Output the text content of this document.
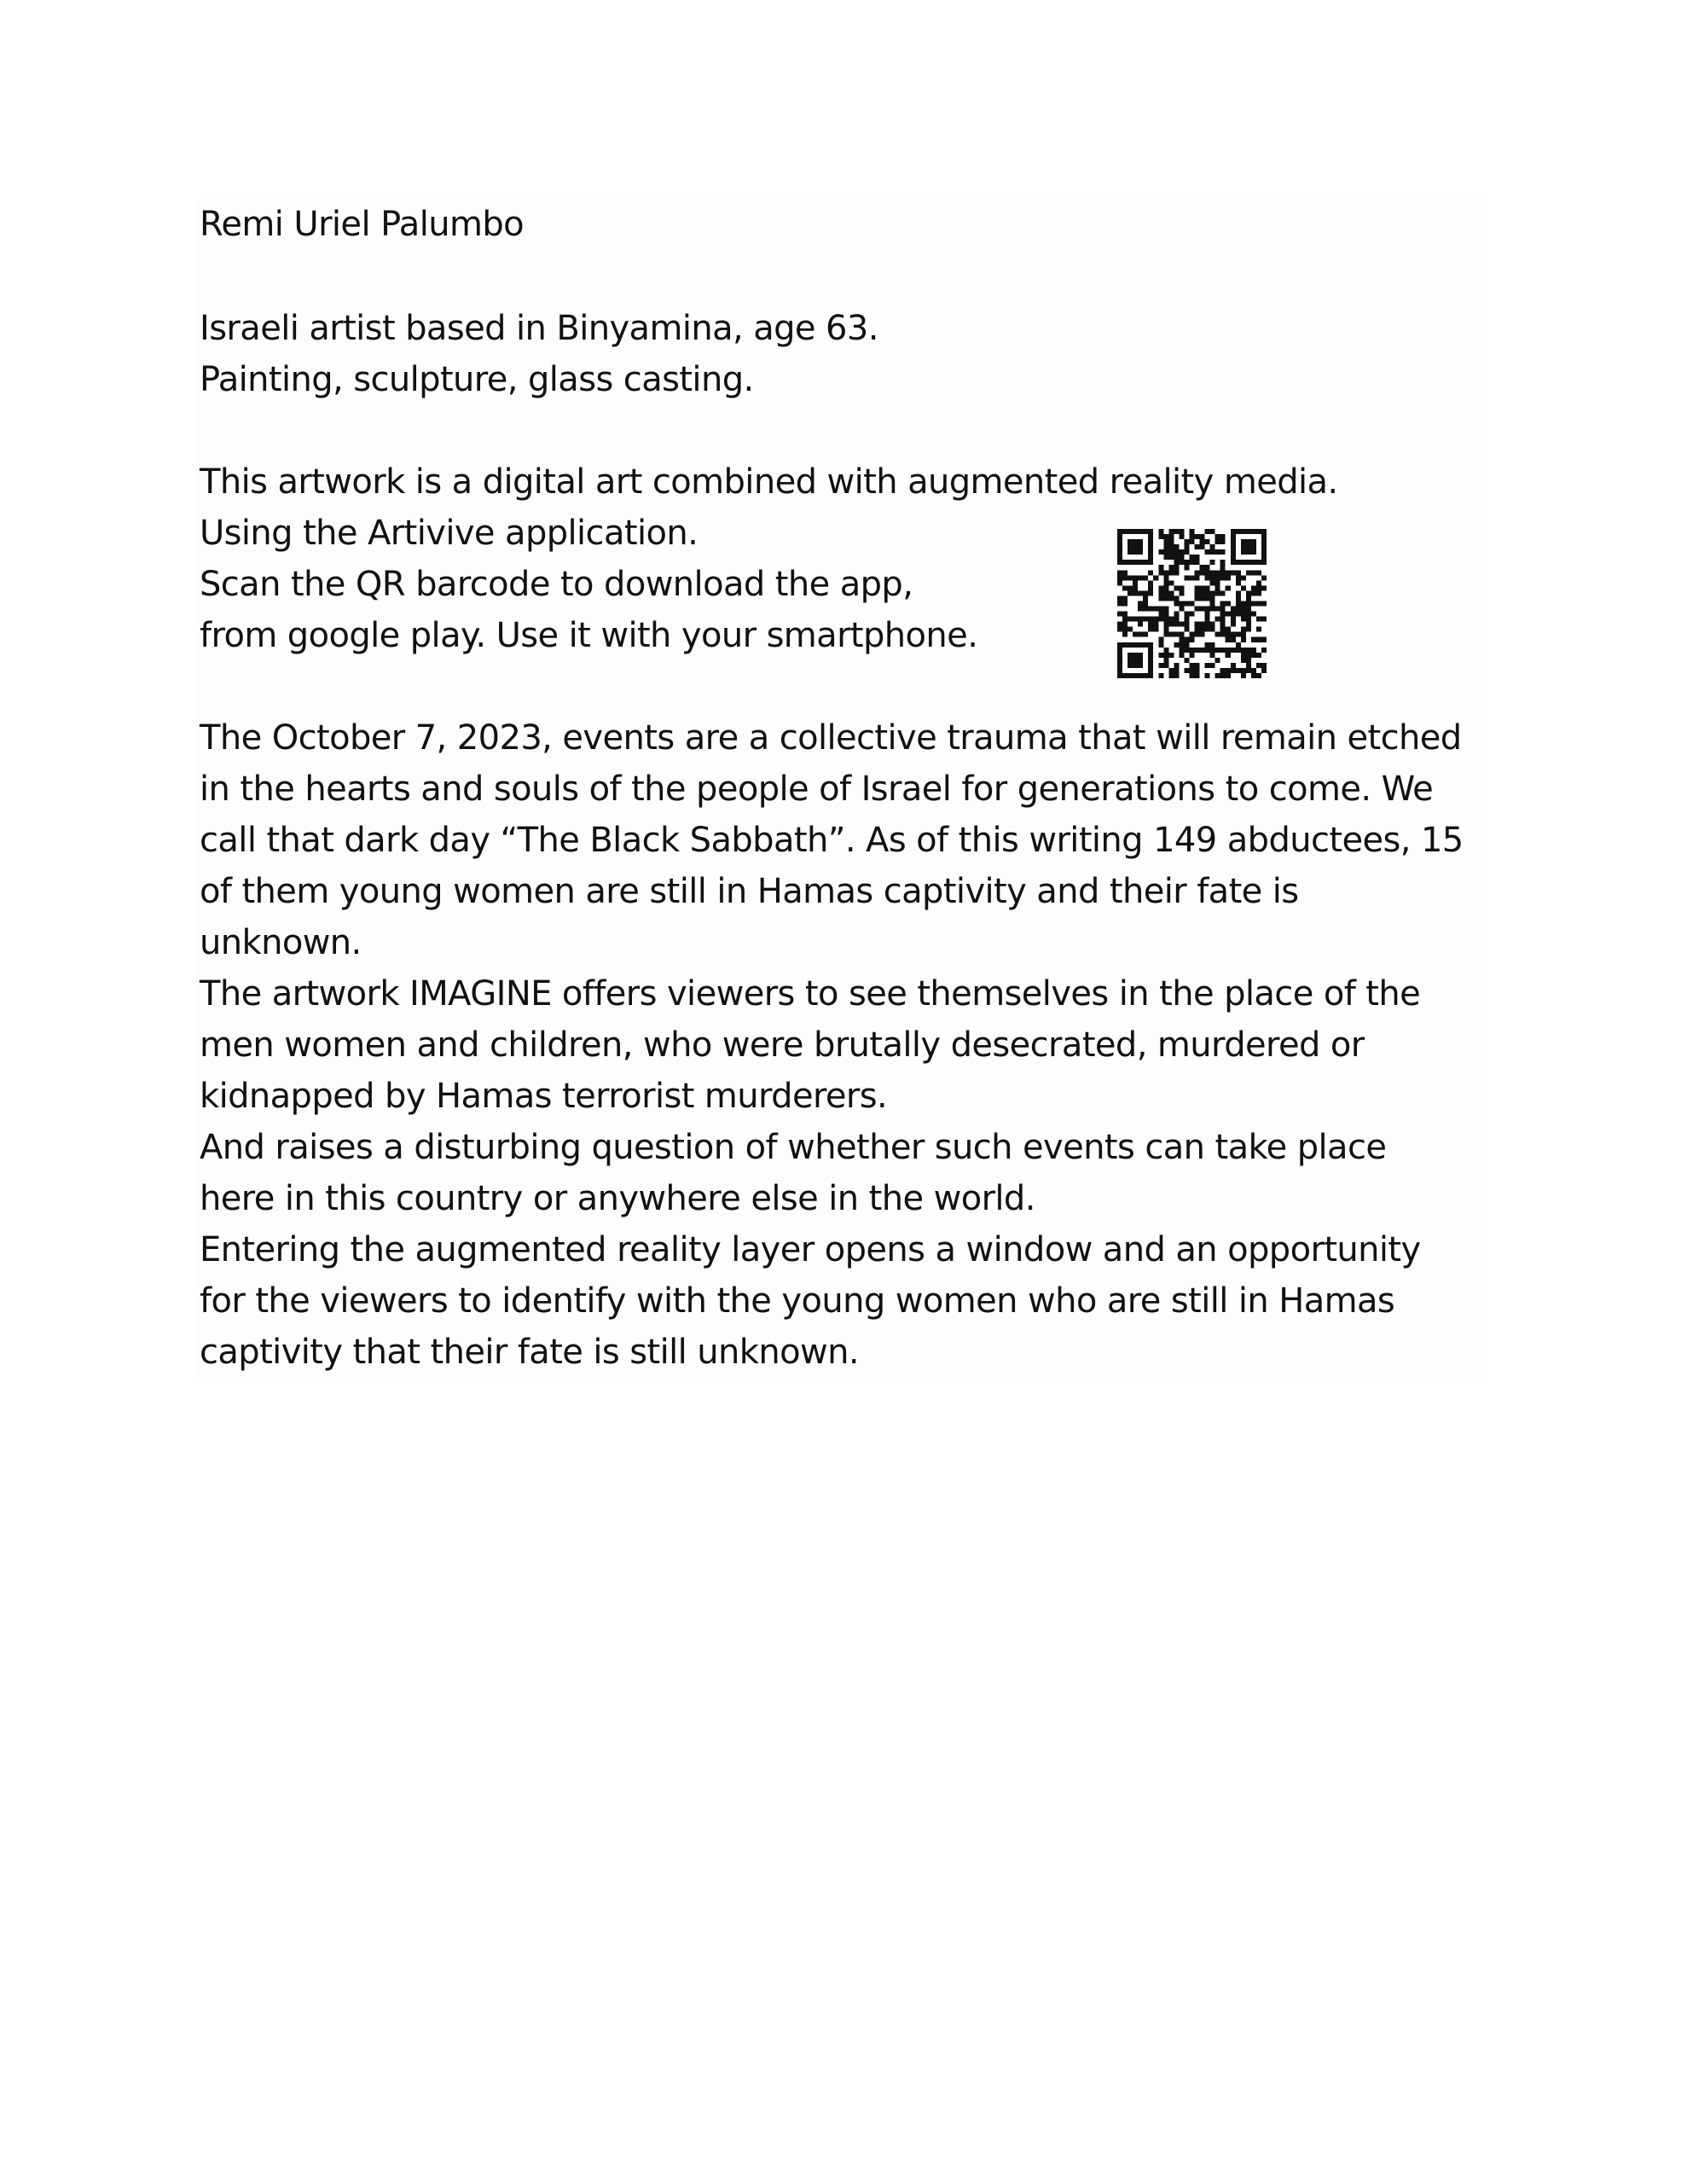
Remi Uriel Palumbo
Israeli artist based in Binyamina, age 63.
Painting, sculpture, glass casting.
This artwork is a digital art combined with augmented reality media.
Using the Artivive application.
Scan the QR barcode to download the app,
from google play. Use it with your smartphone.
The October 7, 2023, events are a collective trauma that will remain etched
in the hearts and souls of the people of Israel for generations to come. We
call that dark day “The Black Sabbath”. As of this writing 149 abductees, 15
of them young women are still in Hamas captivity and their fate is
unknown.
The artwork IMAGINE offers viewers to see themselves in the place of the
men women and children, who were brutally desecrated, murdered or
kidnapped by Hamas terrorist murderers.
And raises a disturbing question of whether such events can take place
here in this country or anywhere else in the world.
Entering the augmented reality layer opens a window and an opportunity
for the viewers to identify with the young women who are still in Hamas
captivity that their fate is still unknown.
